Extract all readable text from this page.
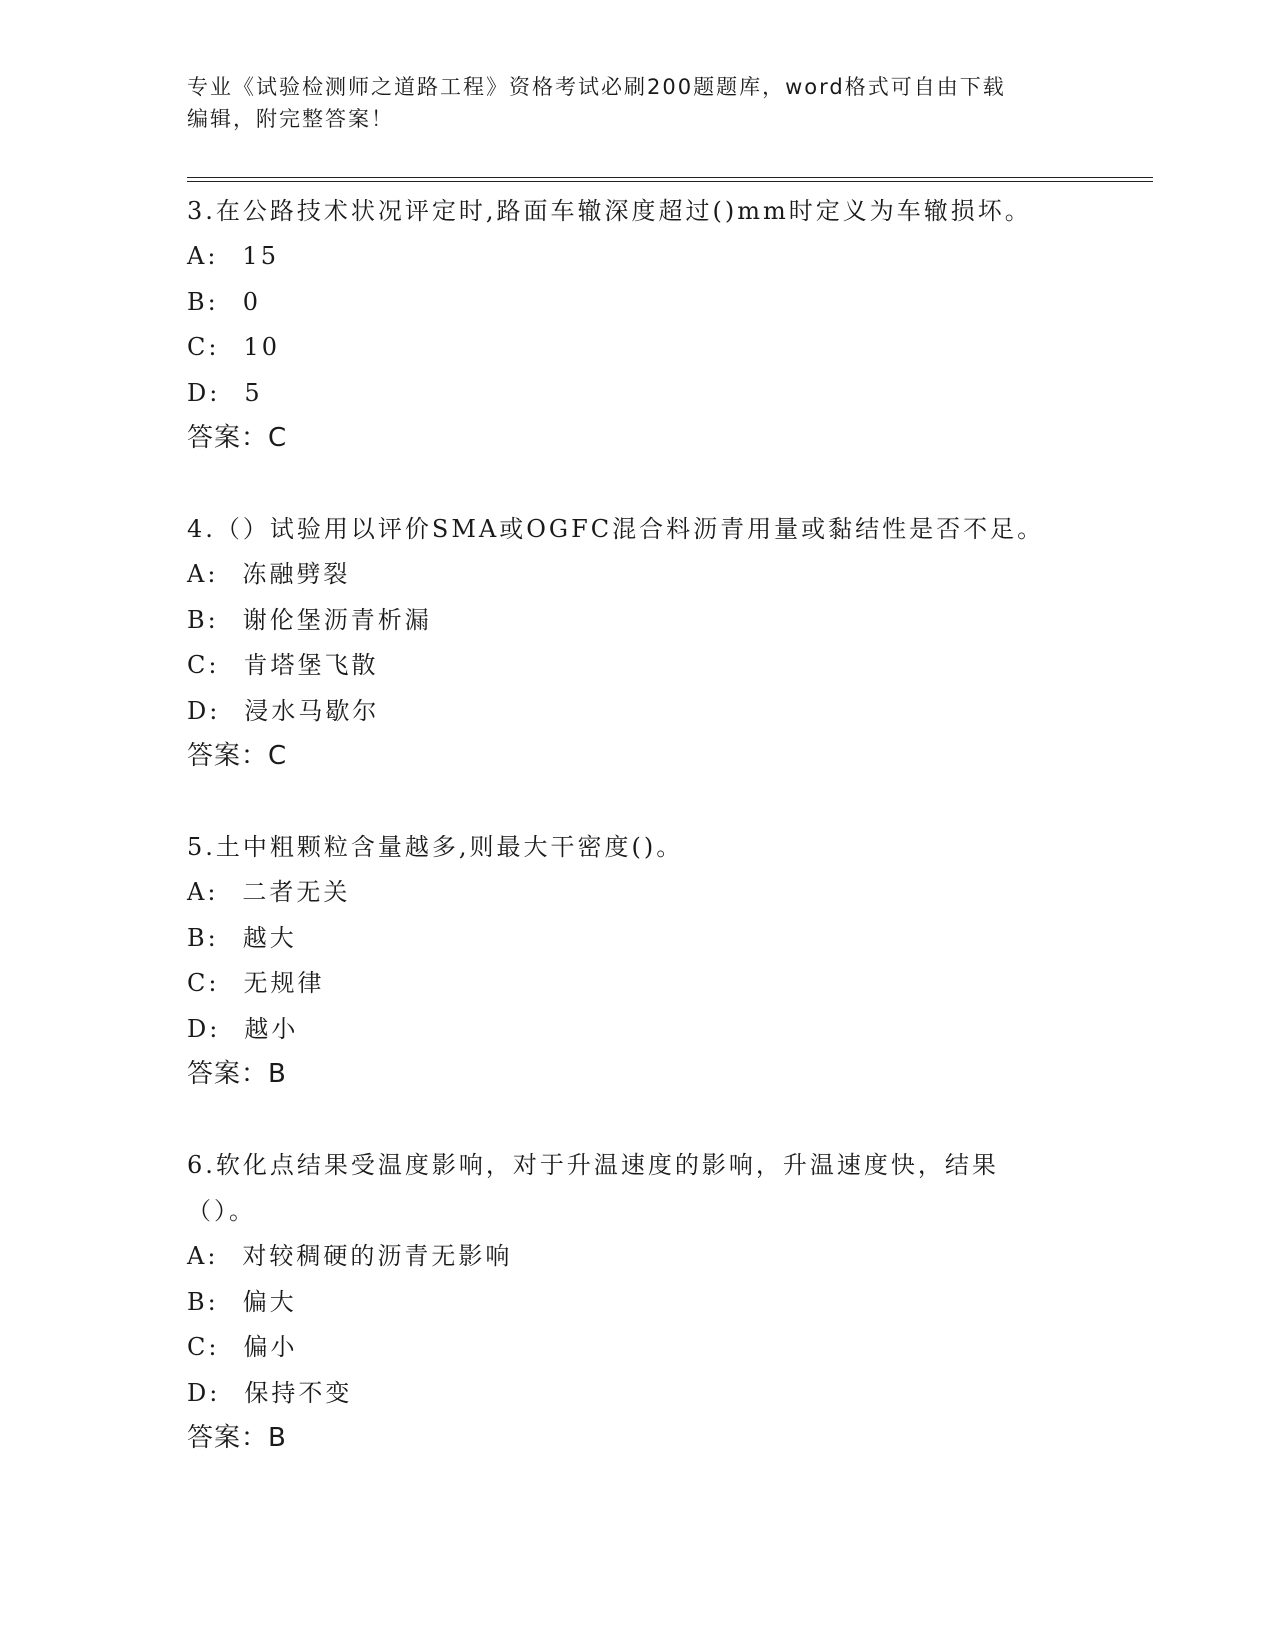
专业《试验检测师之道路工程》资格考试必刷200题题库，word格式可自由下载
编辑，附完整答案！

3.在公路技术状况评定时,路面车辙深度超过()mm时定义为车辙损坏。

A: 15
B: 0
C: 10
D: 5
答案：C

4.（）试验用以评价SMA或OGFC混合料沥青用量或黏结性是否不足。

A: 冻融劈裂
B: 谢伦堡沥青析漏
C: 肯塔堡飞散
D: 浸水马歇尔
答案：C

5.土中粗颗粒含量越多,则最大干密度()。

A: 二者无关
B: 越大
C: 无规律
D: 越小
答案：B

6.软化点结果受温度影响，对于升温速度的影响，升温速度快，结果（）。

A: 对较稠硬的沥青无影响
B: 偏大
C: 偏小
D: 保持不变
答案：B
